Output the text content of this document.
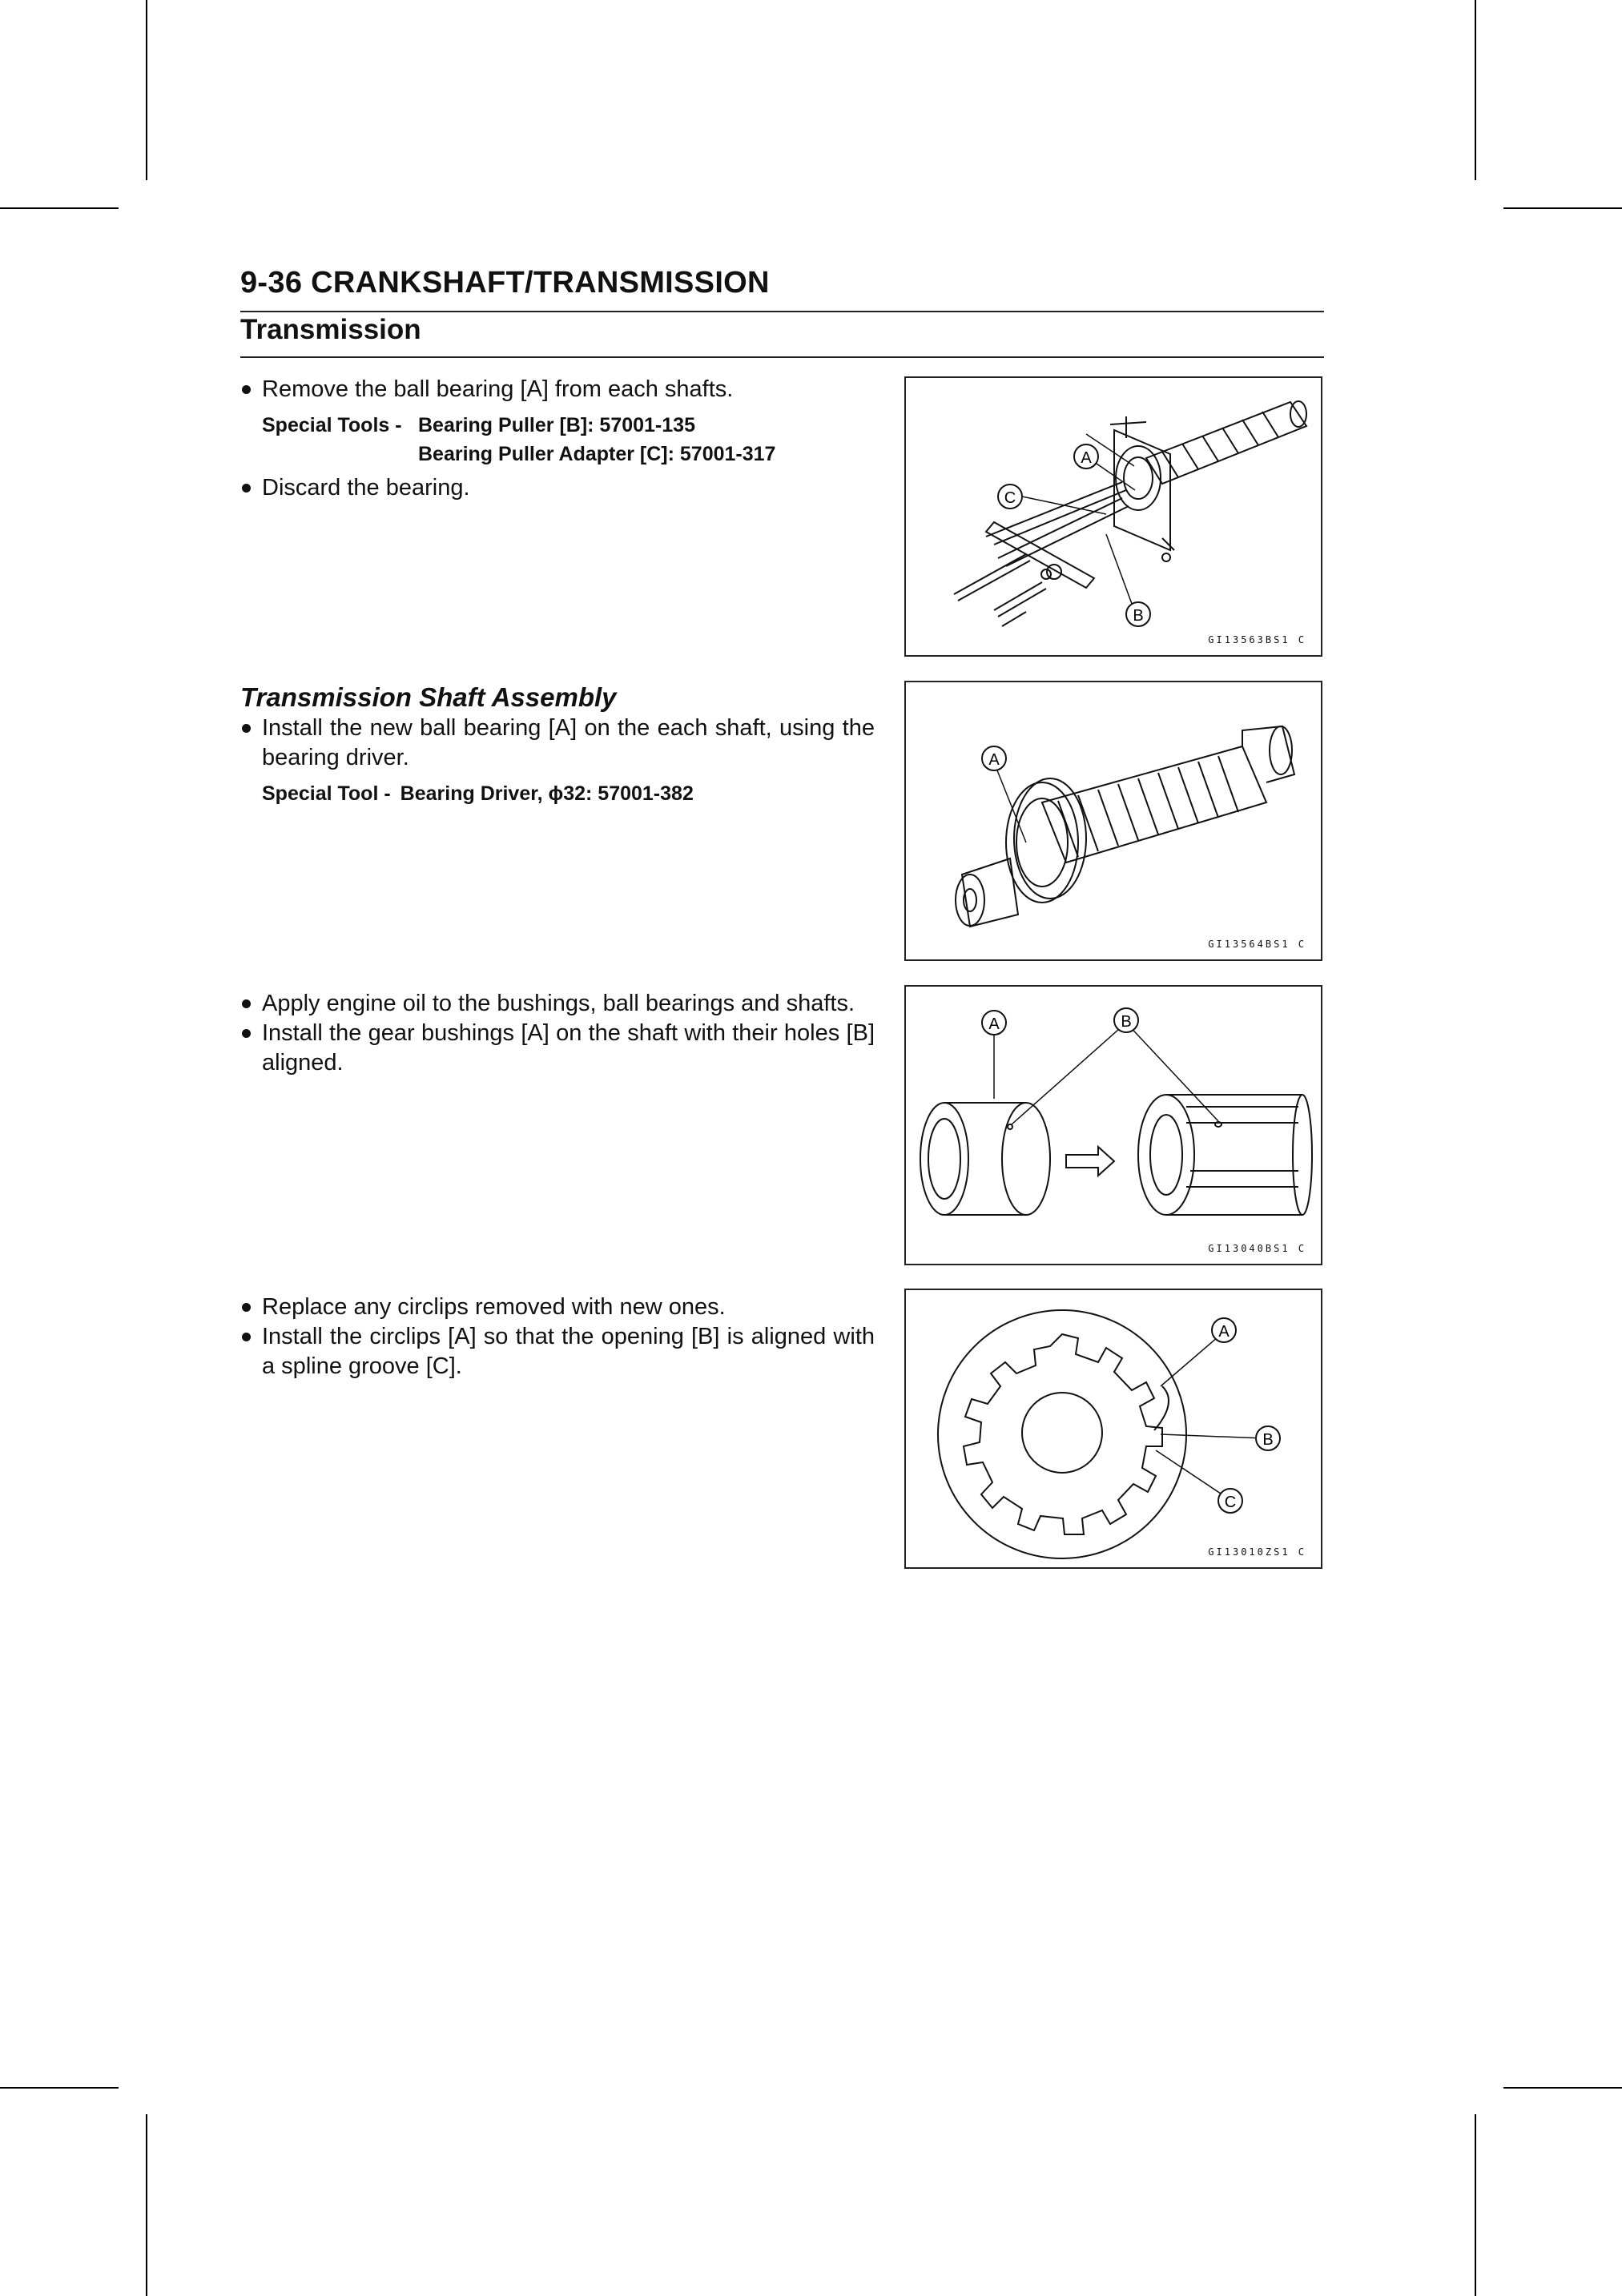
9-36 CRANKSHAFT/TRANSMISSION
Transmission
Remove the ball bearing [A] from each shafts.
Special Tools - Bearing Puller [B]: 57001-135
Bearing Puller Adapter [C]: 57001-317
Discard the bearing.
A
C
B
GI13563BS1 C
Transmission Shaft Assembly
Install the new ball bearing [A] on the each shaft, using the bearing driver.
Special Tool - Bearing Driver, ϕ32: 57001-382
A
GI13564BS1 C
Apply engine oil to the bushings, ball bearings and shafts.
Install the gear bushings [A] on the shaft with their holes [B] aligned.
A	B
GI13040BS1 C
Replace any circlips removed with new ones.
Install the circlips [A] so that the opening [B] is aligned with a spline groove [C].
A
B
C
GI13010ZS1 C
